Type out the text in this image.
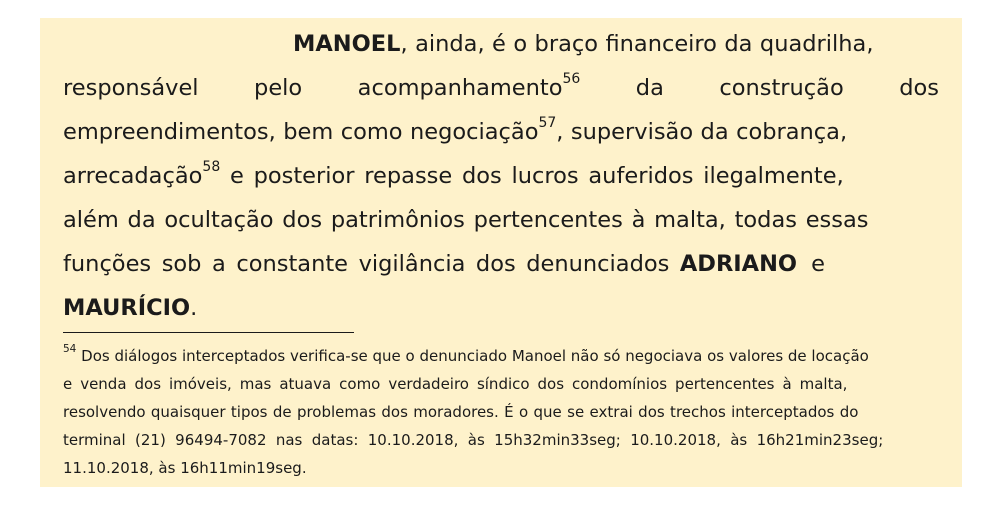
MANOEL, ainda, é o braço financeiro da quadrilha,
responsável pelo acompanhamento$^{56}$ da construção dos
empreendimentos, bem como negociação$^{57}$, supervisão da cobrança,
arrecadação$^{58}$ e posterior repasse dos lucros auferidos ilegalmente,
além da ocultação dos patrimônios pertencentes à malta, todas essas
funções sob a constante vigilância dos denunciados ADRIANO e
MAURÍCIO.
$^{54}$ Dos diálogos interceptados verifica-se que o denunciado Manoel não só negociava os valores de locação
e venda dos imóveis, mas atuava como verdadeiro síndico dos condomínios pertencentes à malta,
resolvendo quaisquer tipos de problemas dos moradores. É o que se extrai dos trechos interceptados do
terminal (21) 96494-7082 nas datas: 10.10.2018, às 15h32min33seg; 10.10.2018, às 16h21min23seg;
11.10.2018, às 16h11min19seg.
